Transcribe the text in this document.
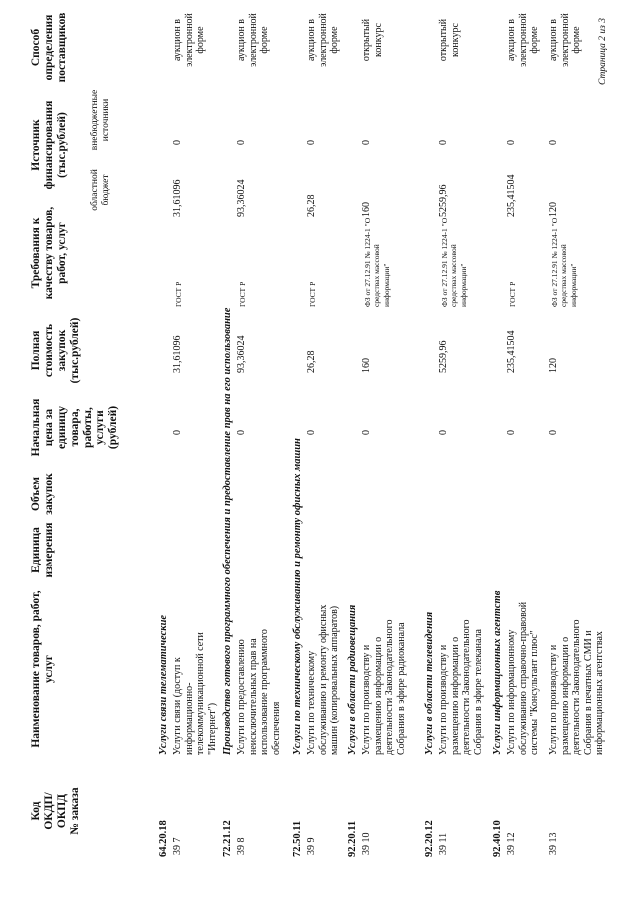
Код ОКДП/ ОКПД № заказа
Наименование товаров, работ, услуг
Единица измерения
Объем закупок
Начальная цена за единицу товара, работы, услуги (рублей)
Полная стоимость закупок (тыс.рублей)
Требования к качеству товаров, работ, услуг
Источник финансирования (тыс.рублей)
областной бюджет
внебюджетные источники
Способ определения поставщиков
64.20.18
Услуги связи телематические
39 7
Услуги связи (доступ к информационно-телекоммуникационной сети "Интернет")
0
31,61096
ГОСТ Р
31,61096
0
аукцион в электронной форме
72.21.12
Производство готового программного обеспечения и предоставление прав на его использование
39 8
Услуги по предоставлению неисключительных прав на использование программного обеспечения
0
93,36024
ГОСТ Р
93,36024
0
аукцион в электронной форме
72.50.11
Услуги по техническому обслуживанию и ремонту офисных машин
39 9
Услуги по техническому обслуживанию и ремонту офисных машин (копировальных аппаратов)
0
26,28
ГОСТ Р
26,28
0
аукцион в электронной форме
92.20.11
Услуги в области радиовещания
39 10
Услуги по производству и размещению информации о деятельности Законодательного Собрания в эфире радиоканала
0
160
ФЗ от 27.12.91 № 1224-1 "О средствах массовой информации"
160
0
открытый конкурс
92.20.12
Услуги в области телевидения
39 11
Услуги по производству и размещению информации о деятельности Законодательного Собрания в эфире телеканала
0
5259,96
ФЗ от 27.12.91 № 1224-1 "О средствах массовой информации"
5259,96
0
открытый конкурс
92.40.10
Услуги информационных агентств
39 12
Услуги по информационному обслуживанию справочно-правовой системы "Консультант плюс"
0
235,41504
ГОСТ Р
235,41504
0
аукцион в электронной форме
39 13
Услуги по производству и размещению информации о деятельности Законодательного Собрания в печатных СМИ и информационных агентствах
0
120
ФЗ от 27.12.91 № 1224-1 "О средствах массовой информации"
120
0
аукцион в электронной форме Страница 2 из 3
